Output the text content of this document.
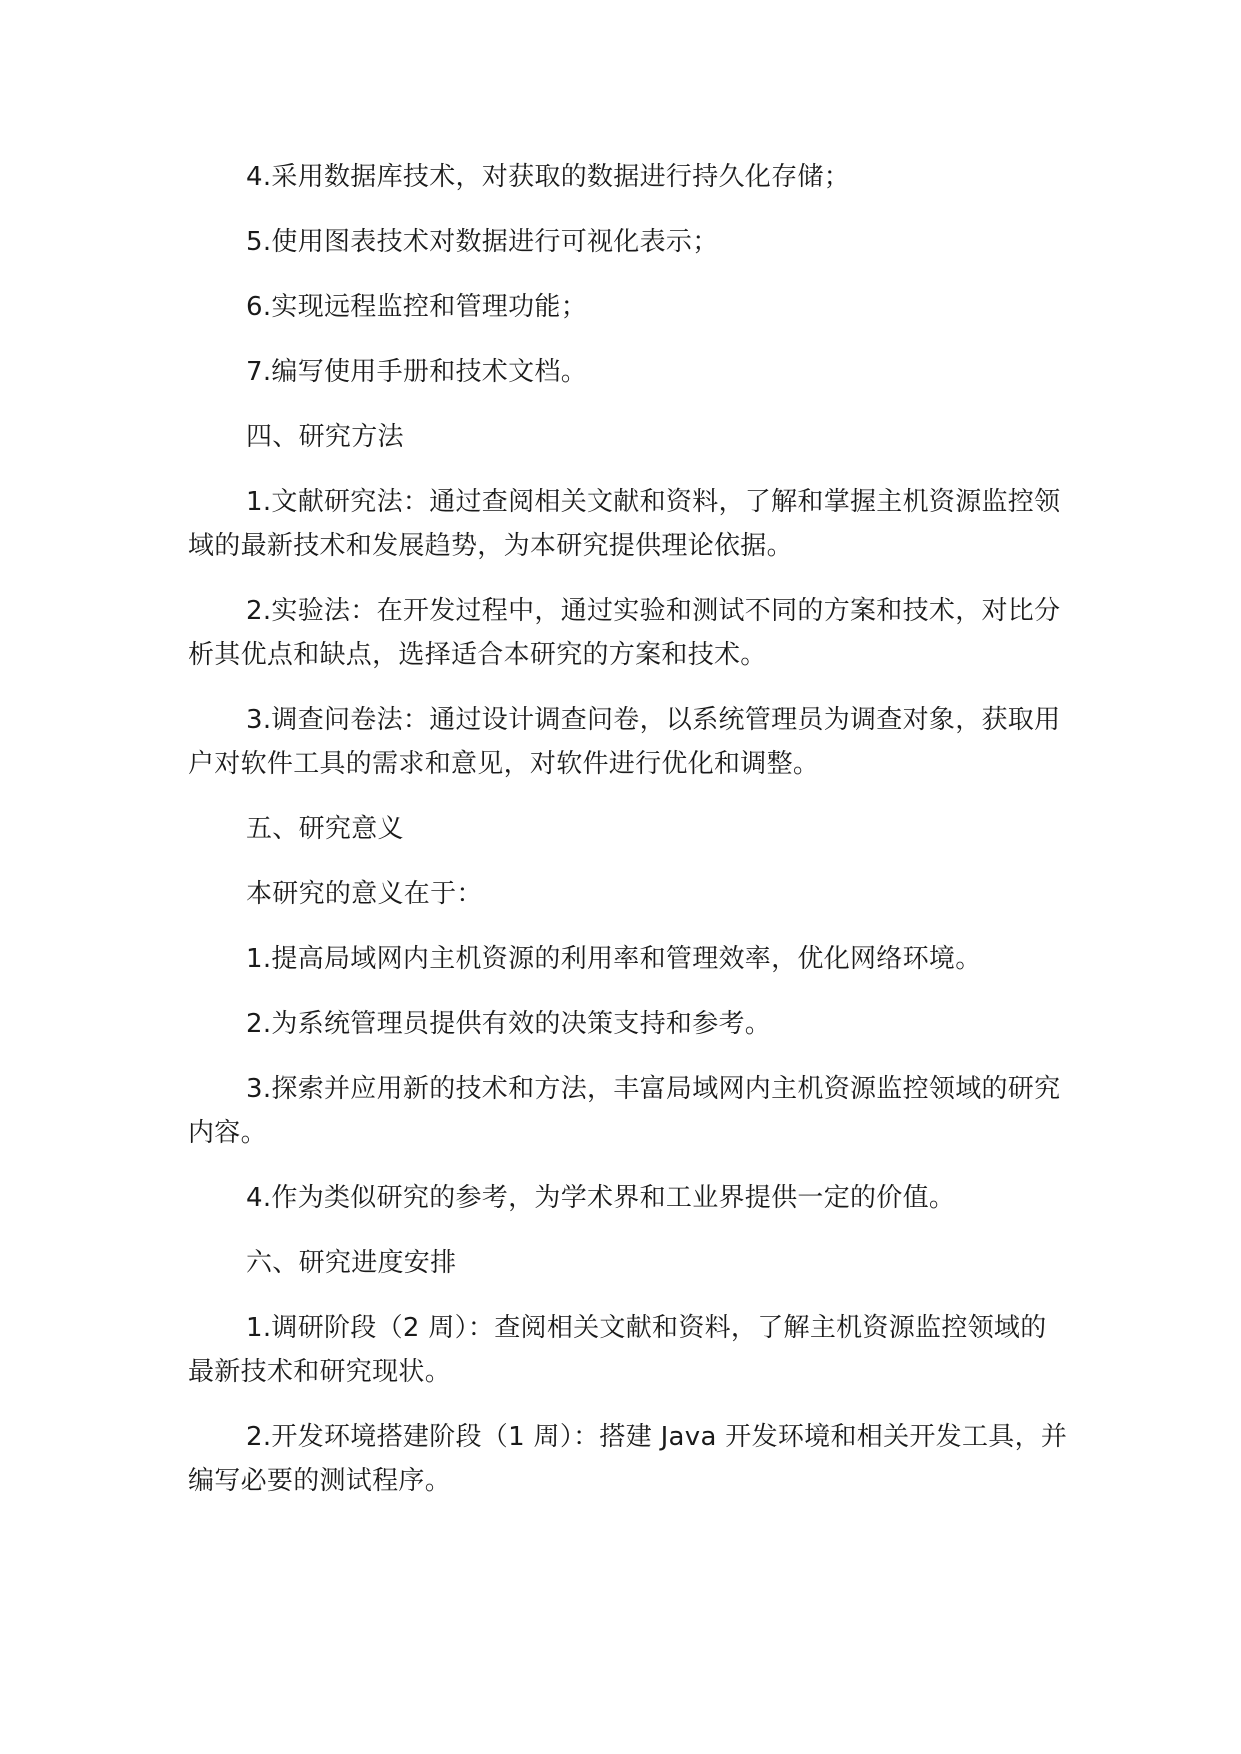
4.采用数据库技术，对获取的数据进行持久化存储；

5.使用图表技术对数据进行可视化表示；

6.实现远程监控和管理功能；

7.编写使用手册和技术文档。

四、研究方法

1.文献研究法：通过查阅相关文献和资料，了解和掌握主机资源监控领域的最新技术和发展趋势，为本研究提供理论依据。

2.实验法：在开发过程中，通过实验和测试不同的方案和技术，对比分析其优点和缺点，选择适合本研究的方案和技术。

3.调查问卷法：通过设计调查问卷，以系统管理员为调查对象，获取用户对软件工具的需求和意见，对软件进行优化和调整。

五、研究意义

本研究的意义在于：

1.提高局域网内主机资源的利用率和管理效率，优化网络环境。

2.为系统管理员提供有效的决策支持和参考。

3.探索并应用新的技术和方法，丰富局域网内主机资源监控领域的研究内容。

4.作为类似研究的参考，为学术界和工业界提供一定的价值。

六、研究进度安排

1.调研阶段（2 周）：查阅相关文献和资料，了解主机资源监控领域的最新技术和研究现状。

2.开发环境搭建阶段（1 周）：搭建 Java 开发环境和相关开发工具，并编写必要的测试程序。
